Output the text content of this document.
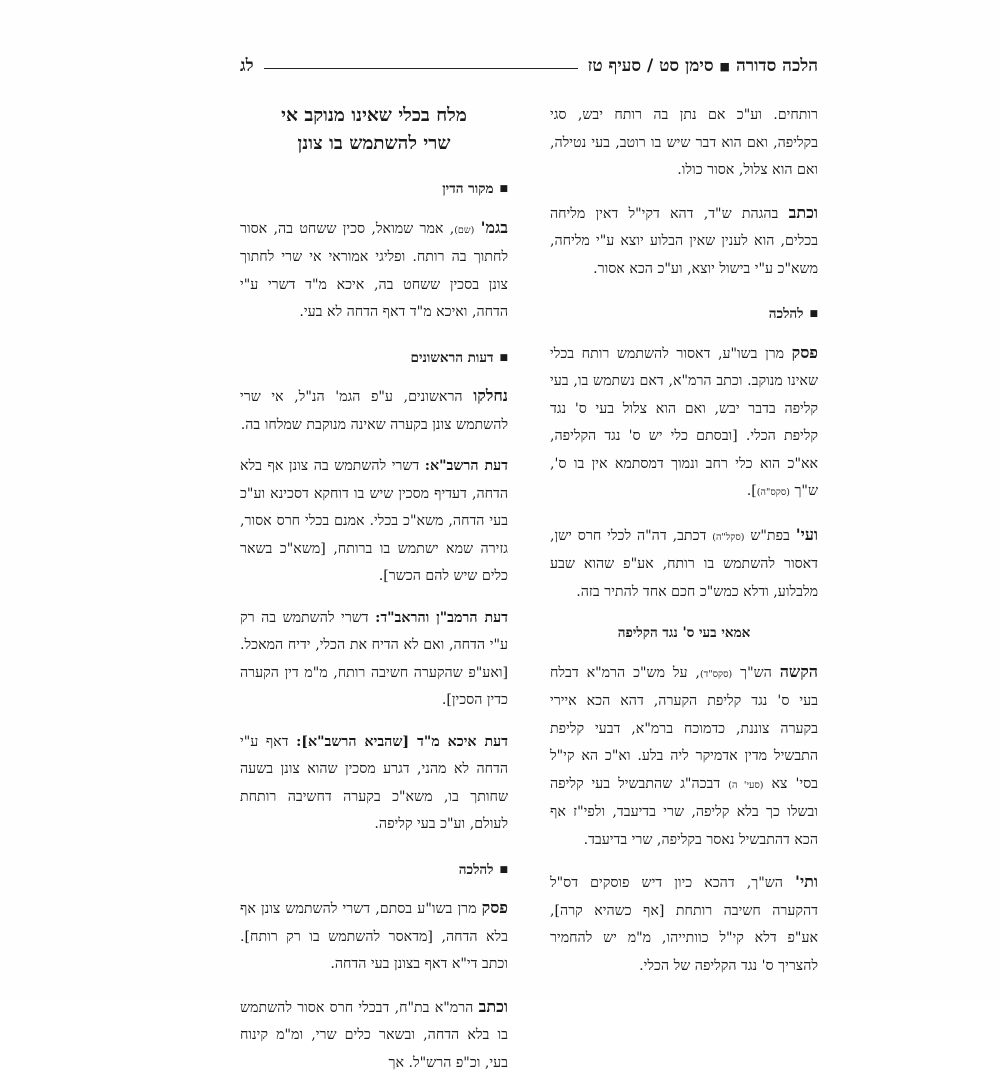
הלכה סדורה
■
סימן סט / סעיף טז
לג

רותחים. וע"כ אם נתן בה רותח יבש, סגי בקליפה, ואם הוא דבר שיש בו רוטב, בעי נטילה, ואם הוא צלול, אסור כולו.

וכתב בהגהת ש"ד, דהא דקי"ל דאין מליחה בכלים, הוא לענין שאין הבלוע יוצא ע"י מליחה, משא"כ ע"י בישול יוצא, וע"כ הכא אסור.

■
להלכה

פסק מרן בשו"ע, דאסור להשתמש רותח בכלי שאינו מנוקב. וכתב הרמ"א, דאם נשתמש בו, בעי קליפה בדבר יבש, ואם הוא צלול בעי ס' נגד קליפת הכלי. [ובסתם כלי יש ס' נגד הקליפה, אא"כ הוא כלי רחב ונמוך דמסתמא אין בו ס', ש"ך (סקס"ה)].

ועי' בפת"ש (סקל"ה) דכתב, דה"ה לכלי חרס ישן, דאסור להשתמש בו רותח, אע"פ שהוא שבע מלבלוע, ודלא כמש"כ חכם אחד להתיר בזה.

אמאי בעי ס' נגד הקליפה

הקשה הש"ך (סקס"ד), על מש"כ הרמ"א דבלח בעי ס' נגד קליפת הקערה, דהא הכא איירי בקערה צוננת, כדמוכח ברמ"א, דבעי קליפת התבשיל מדין אדמיקר ליה בלע. וא"כ הא קי"ל בסי' צא (סעי' ה) דבכה"ג שהתבשיל בעי קליפה ובשלו כך בלא קליפה, שרי בדיעבד, ולפי"ז אף הכא דהתבשיל נאסר בקליפה, שרי בדיעבד.

ותי' הש"ך, דהכא כיון דיש פוסקים דס"ל דהקערה חשיבה רותחת [אף כשהיא קרה], אע"פ דלא קי"ל כוותייהו, מ"מ יש להחמיר להצריך ס' נגד הקליפה של הכלי.

מלח בכלי שאינו מנוקב אי
שרי להשתמש בו צונן
■
מקור הדין

בגמ' (שם), אמר שמואל, סכין ששחט בה, אסור לחתוך בה רותח. ופליגי אמוראי אי שרי לחתוך צונן בסכין ששחט בה, איכא מ"ד דשרי ע"י הדחה, ואיכא מ"ד דאף הדחה לא בעי.

■
דעות הראשונים

נחלקו הראשונים, ע"פ הגמ' הנ"ל, אי שרי להשתמש צונן בקערה שאינה מנוקבת שמלחו בה.

דעת הרשב"א: דשרי להשתמש בה צונן אף בלא הדחה, דעדיף מסכין שיש בו דוחקא דסכינא וע"כ בעי הדחה, משא"כ בכלי. אמנם בכלי חרס אסור, גזירה שמא ישתמש בו ברותח, [משא"כ בשאר כלים שיש להם הכשר].

דעת הרמב"ן והראב"ד: דשרי להשתמש בה רק ע"י הדחה, ואם לא הדיח את הכלי, ידיח המאכל. [ואע"פ שהקערה חשיבה רותח, מ"מ דין הקערה כדין הסכין].

דעת איכא מ"ד [שהביא הרשב"א]: דאף ע"י הדחה לא מהני, דגרע מסכין שהוא צונן בשעה שחותך בו, משא"כ בקערה דחשיבה רותחת לעולם, וע"כ בעי קליפה.

■
להלכה

פסק מרן בשו"ע בסתם, דשרי להשתמש צונן אף בלא הדחה, [מדאסר להשתמש בו רק רותח]. וכתב די"א דאף בצונן בעי הדחה.

וכתב הרמ"א בת"ח, דבכלי חרס אסור להשתמש בו בלא הדחה, ובשאר כלים שרי, ומ"מ קינוח בעי, וכ"פ הרש"ל. אך
